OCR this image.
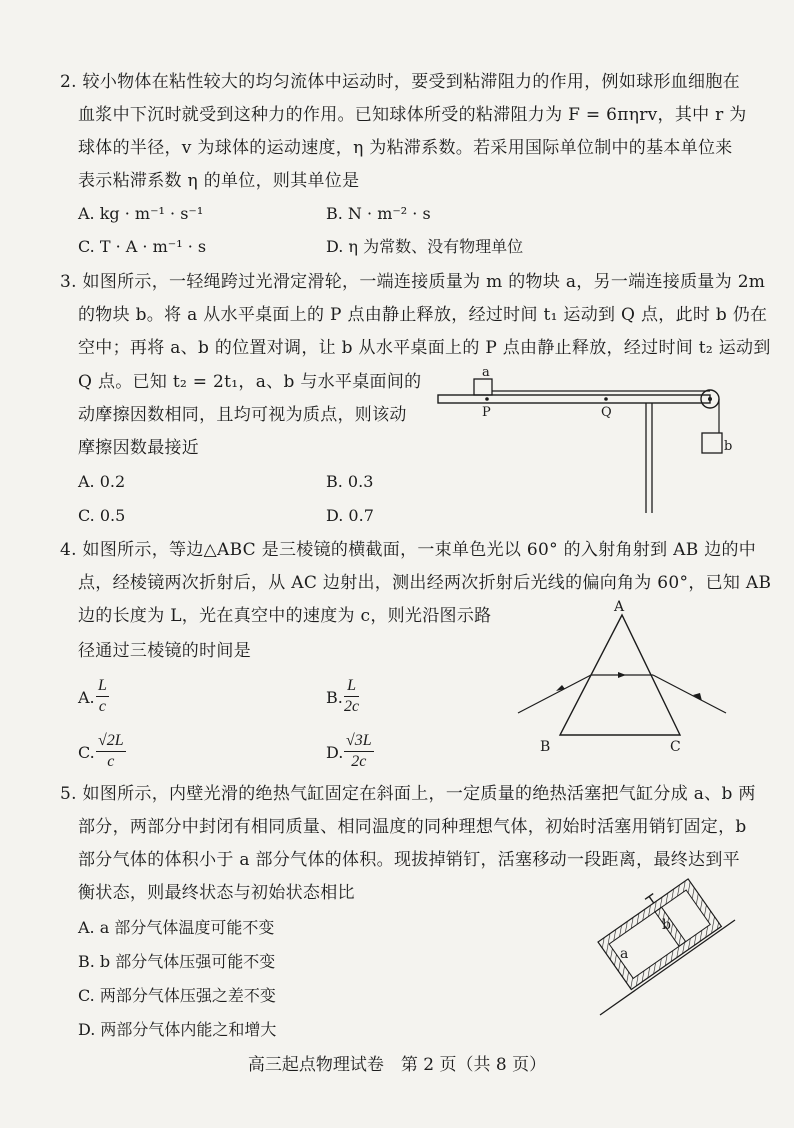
2. 较小物体在粘性较大的均匀流体中运动时，要受到粘滞阻力的作用，例如球形血细胞在
血浆中下沉时就受到这种力的作用。已知球体所受的粘滞阻力为 F = 6πηrv，其中 r 为
球体的半径，v 为球体的运动速度，η 为粘滞系数。若采用国际单位制中的基本单位来
表示粘滞系数 η 的单位，则其单位是
A. kg · m⁻¹ · s⁻¹	B. N · m⁻² · s
C. T · A · m⁻¹ · s	D. η 为常数、没有物理单位
3. 如图所示，一轻绳跨过光滑定滑轮，一端连接质量为 m 的物块 a，另一端连接质量为 2m
的物块 b。将 a 从水平桌面上的 P 点由静止释放，经过时间 t₁ 运动到 Q 点，此时 b 仍在
空中；再将 a、b 的位置对调，让 b 从水平桌面上的 P 点由静止释放，经过时间 t₂ 运动到
Q 点。已知 t₂ = 2t₁，a、b 与水平桌面间的
动摩擦因数相同，且均可视为质点，则该动
摩擦因数最接近
A. 0.2	B. 0.3
C. 0.5	D. 0.7
a
b
P	Q
4. 如图所示，等边△ABC 是三棱镜的横截面，一束单色光以 60° 的入射角射到 AB 边的中
点，经棱镜两次折射后，从 AC 边射出，测出经两次折射后光线的偏向角为 60°，已知 AB
边的长度为 L，光在真空中的速度为 c，则光沿图示路
径通过三棱镜的时间是
A. $\frac{L}{c}$	B. $\frac{L}{2c}$
C. $\frac{√2L}{c}$	D. $\frac{√3L}{2c}$
A
B	C
5. 如图所示，内壁光滑的绝热气缸固定在斜面上，一定质量的绝热活塞把气缸分成 a、b 两
部分，两部分中封闭有相同质量、相同温度的同种理想气体，初始时活塞用销钉固定，b
部分气体的体积小于 a 部分气体的体积。现拔掉销钉，活塞移动一段距离，最终达到平
衡状态，则最终状态与初始状态相比
A. a 部分气体温度可能不变
B. b 部分气体压强可能不变
C. 两部分气体压强之差不变
D. 两部分气体内能之和增大
a
b
高三起点物理试卷　第 2 页（共 8 页）
